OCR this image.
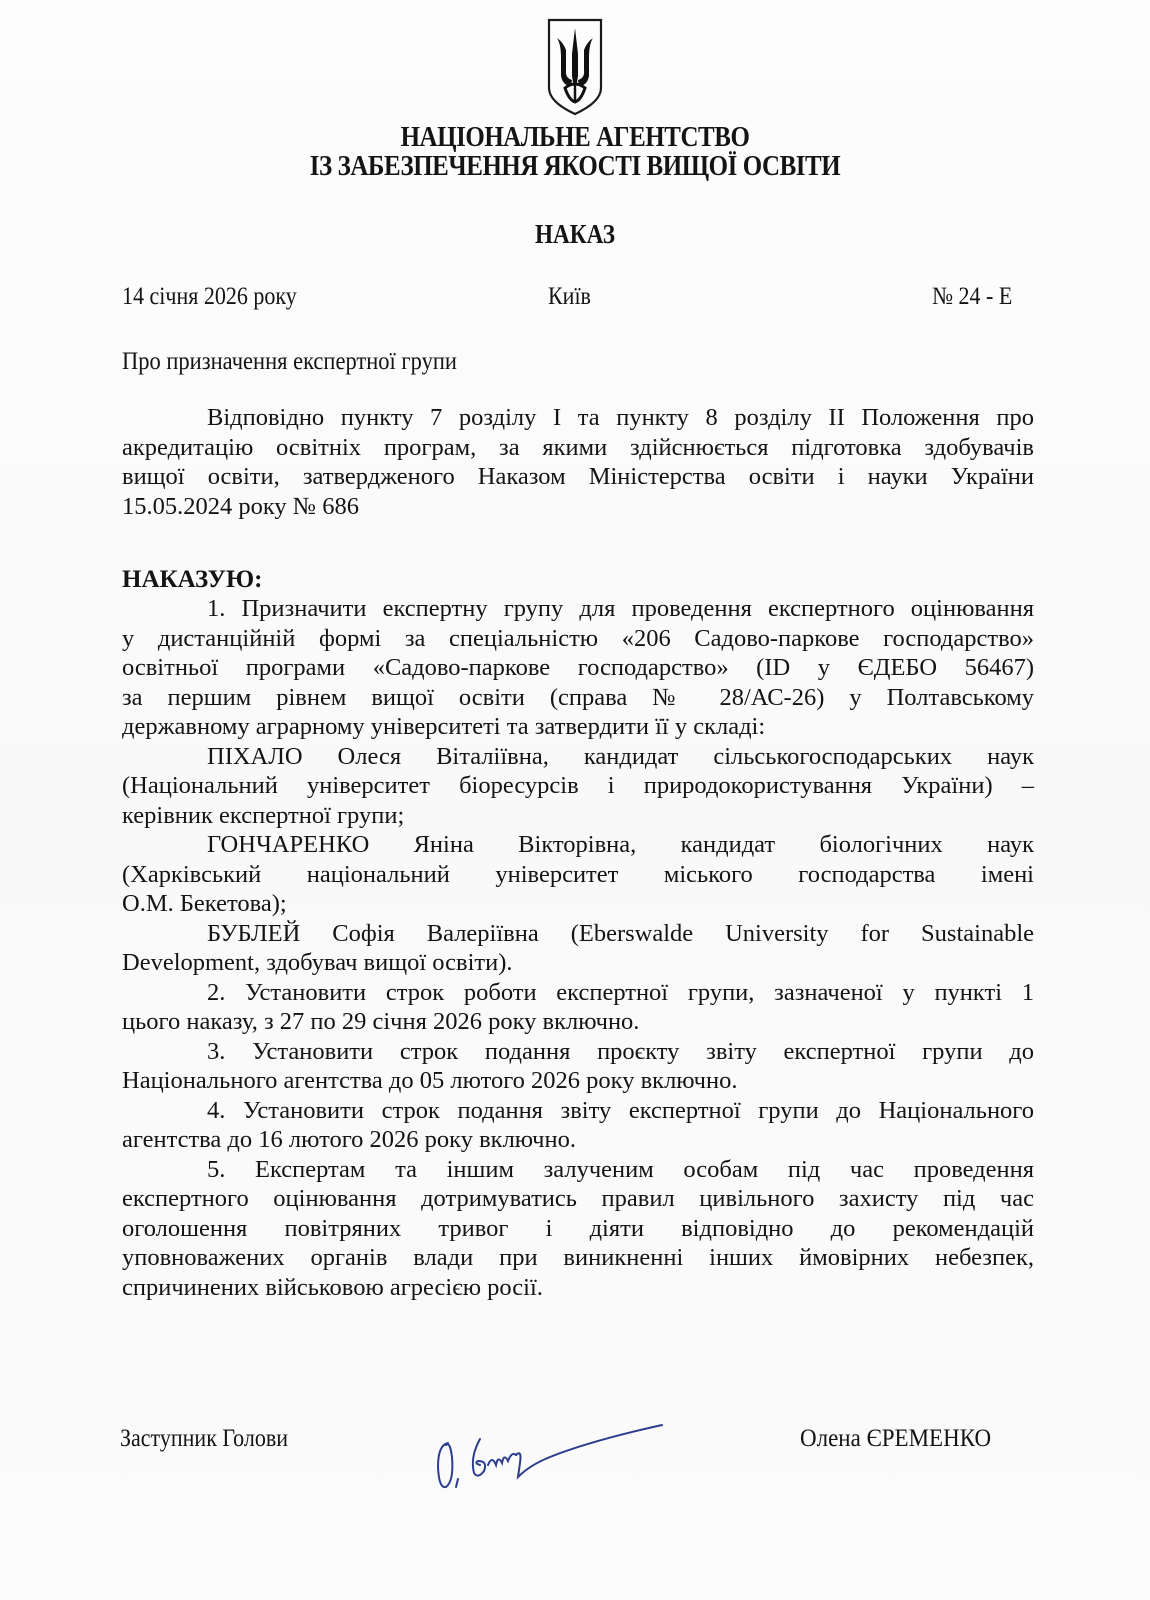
НАЦІОНАЛЬНЕ АГЕНТСТВО
ІЗ ЗАБЕЗПЕЧЕННЯ ЯКОСТІ ВИЩОЇ ОСВІТИ
НАКАЗ
14 січня 2026 року	Київ	№ 24 - Е
Про призначення експертної групи
Відповідно пункту 7 розділу І та пункту 8 розділу ІІ Положення про
акредитацію освітніх програм, за якими здійснюється підготовка здобувачів
вищої освіти, затвердженого Наказом Міністерства освіти і науки України
15.05.2024 року № 686
НАКАЗУЮ:
1. Призначити експертну групу для проведення експертного оцінювання
у дистанційній формі за спеціальністю «206 Садово-паркове господарство»
освітньої програми «Садово-паркове господарство» (ID у ЄДЕБО 56467)
за першим рівнем вищої освіти (справа № 28/АС-26) у Полтавському
державному аграрному університеті та затвердити її у складі:
ПІХАЛО Олеся Віталіївна, кандидат сільськогосподарських наук
(Національний університет біоресурсів і природокористування України) –
керівник експертної групи;
ГОНЧАРЕНКО Яніна Вікторівна, кандидат біологічних наук
(Харківський національний університет міського господарства імені
О.М. Бекетова);
БУБЛЕЙ Софія Валеріївна (Eberswalde University for Sustainable
Development, здобувач вищої освіти).
2. Установити строк роботи експертної групи, зазначеної у пункті 1
цього наказу, з 27 по 29 січня 2026 року включно.
3. Установити строк подання проєкту звіту експертної групи до
Національного агентства до 05 лютого 2026 року включно.
4. Установити строк подання звіту експертної групи до Національного
агентства до 16 лютого 2026 року включно.
5. Експертам та іншим залученим особам під час проведення
експертного оцінювання дотримуватись правил цивільного захисту під час
оголошення повітряних тривог і діяти відповідно до рекомендацій
уповноважених органів влади при виникненні інших ймовірних небезпек,
спричинених військовою агресією росії.
Заступник Голови	Олена ЄРЕМЕНКО
